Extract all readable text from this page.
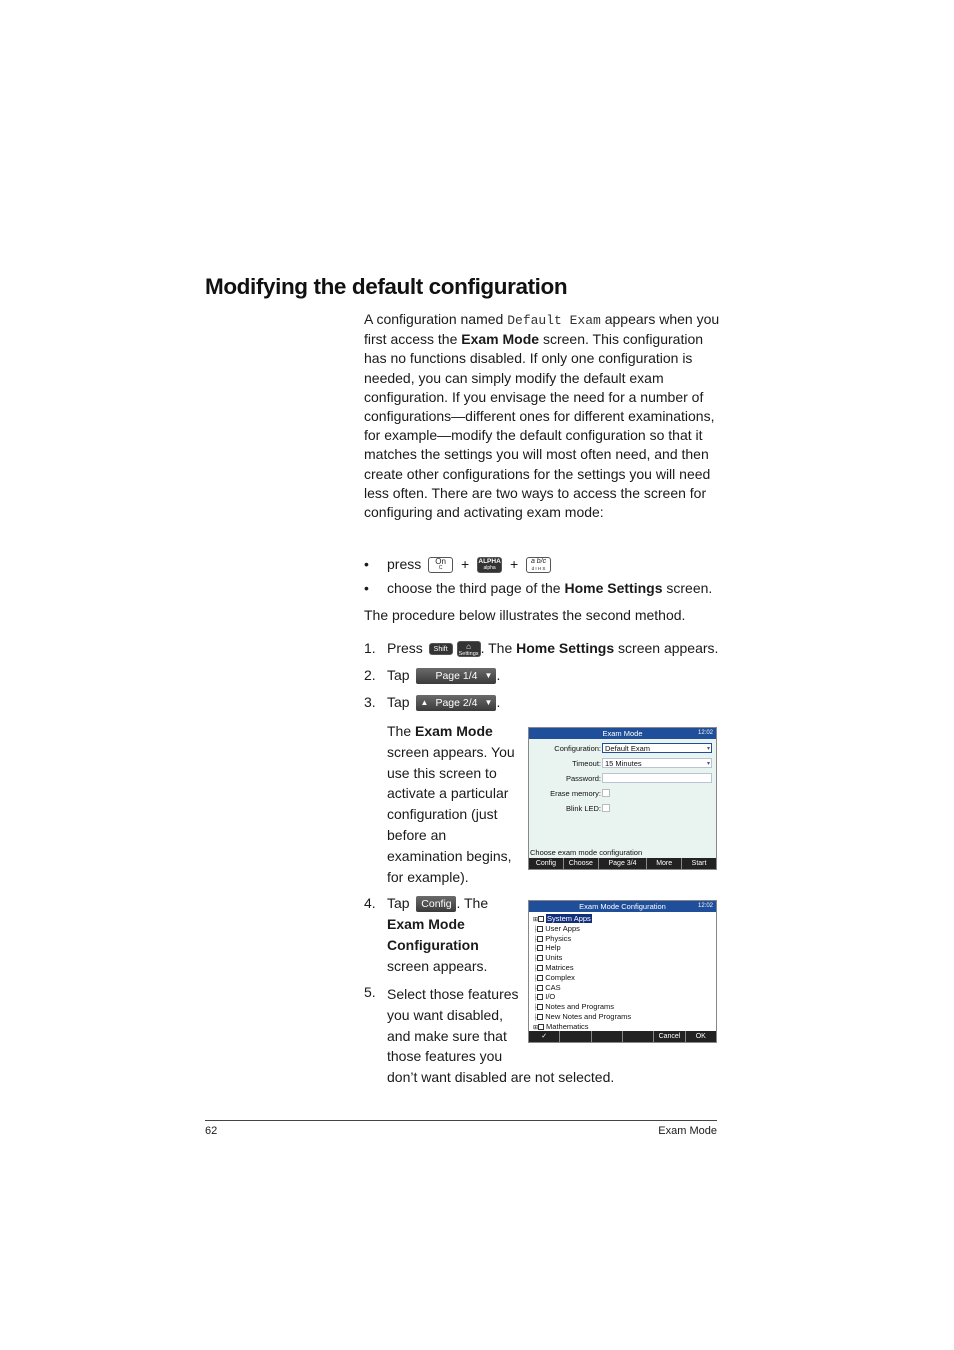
Modifying the default configuration
A configuration named Default Exam appears when you first access the Exam Mode screen. This configuration has no functions disabled. If only one configuration is needed, you can simply modify the default exam configuration. If you envisage the need for a number of configurations—different ones for different examinations, for example—modify the default configuration so that it matches the settings you will most often need, and then create other configurations for the settings you will need less often. There are two ways to access the screen for configuring and activating exam mode:
• press	On
C	+ ALPHA
alpha	+	a b/c
d I H S
• choose the third page of the Home Settings screen.
The procedure below illustrates the second method.
1. Press Shift	⌂
Settings . The Home Settings screen appears.
2. Tap Page 1/4 ▼ .
3. Tap ▲ Page 2/4 ▼ .
The Exam Mode
screen appears. You
use this screen to
activate a particular
configuration (just
before an
examination begins,
for example).
Exam Mode	12:02
Configuration: Default Exam	▾
Timeout: 15 Minutes	▾
Password:
Erase memory:
Blink LED:
Choose exam mode configuration
Config	Choose	Page 3/4	More	Start
4. Tap Config . The
Exam Mode
Configuration
screen appears.
Exam Mode Configuration	12:02
⊞ System Apps
├ User Apps
├ Physics
├ Help
├ Units
├ Matrices
├ Complex
├ CAS
├ I/O
├ Notes and Programs
├ New Notes and Programs
⊞ Mathematics
✓	Cancel	OK
5. Select those features
you want disabled,
and make sure that
those features you
don’t want disabled are not selected.
62	Exam Mode
